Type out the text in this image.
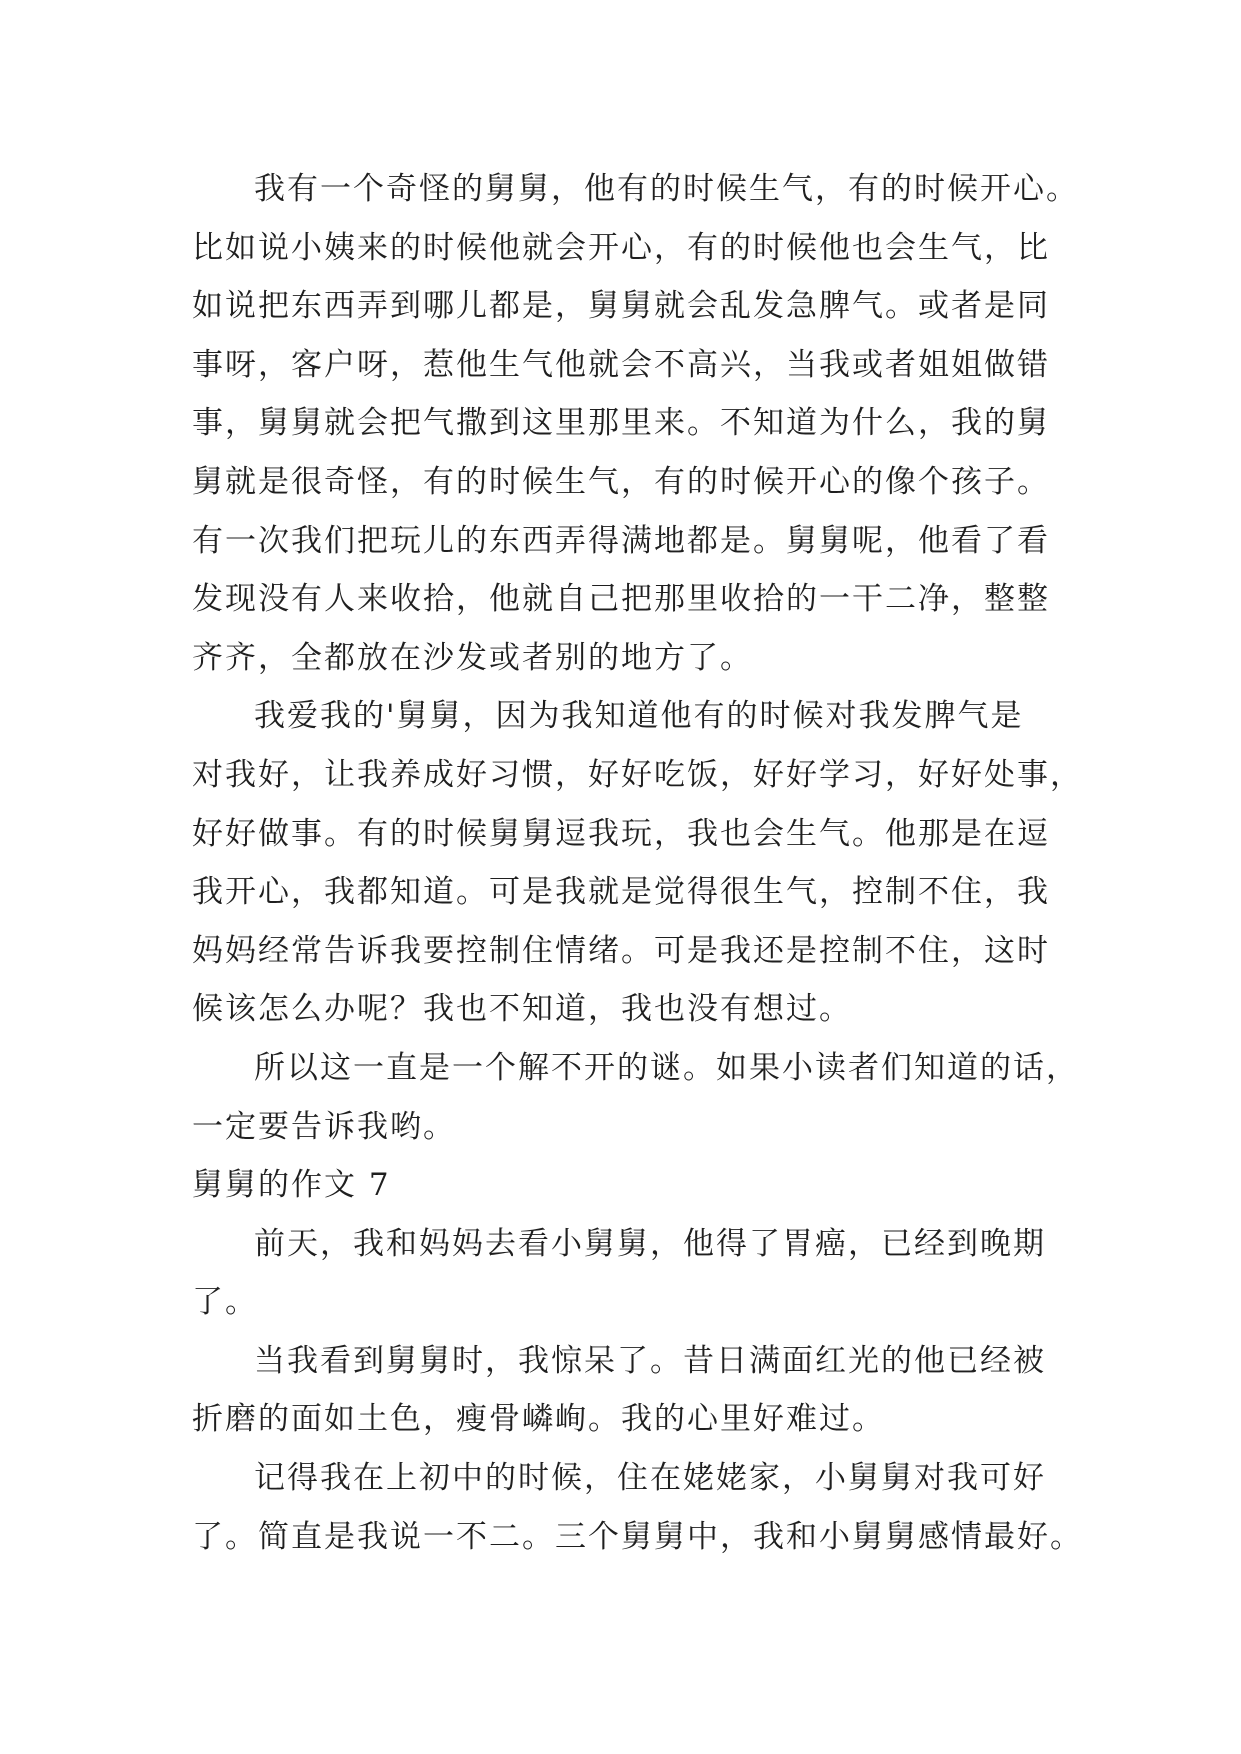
我有一个奇怪的舅舅，他有的时候生气，有的时候开心。
比如说小姨来的时候他就会开心，有的时候他也会生气，比
如说把东西弄到哪儿都是，舅舅就会乱发急脾气。或者是同
事呀，客户呀，惹他生气他就会不高兴，当我或者姐姐做错
事，舅舅就会把气撒到这里那里来。不知道为什么，我的舅
舅就是很奇怪，有的时候生气，有的时候开心的像个孩子。
有一次我们把玩儿的东西弄得满地都是。舅舅呢，他看了看
发现没有人来收拾，他就自己把那里收拾的一干二净，整整
齐齐，全都放在沙发或者别的地方了。
我爱我的'舅舅，因为我知道他有的时候对我发脾气是
对我好，让我养成好习惯，好好吃饭，好好学习，好好处事，
好好做事。有的时候舅舅逗我玩，我也会生气。他那是在逗
我开心，我都知道。可是我就是觉得很生气，控制不住，我
妈妈经常告诉我要控制住情绪。可是我还是控制不住，这时
候该怎么办呢？我也不知道，我也没有想过。
所以这一直是一个解不开的谜。如果小读者们知道的话，
一定要告诉我哟。
舅舅的作文 7
前天，我和妈妈去看小舅舅，他得了胃癌，已经到晚期
了。
当我看到舅舅时，我惊呆了。昔日满面红光的他已经被
折磨的面如土色，瘦骨嶙峋。我的心里好难过。
记得我在上初中的时候，住在姥姥家，小舅舅对我可好
了。简直是我说一不二。三个舅舅中，我和小舅舅感情最好。
